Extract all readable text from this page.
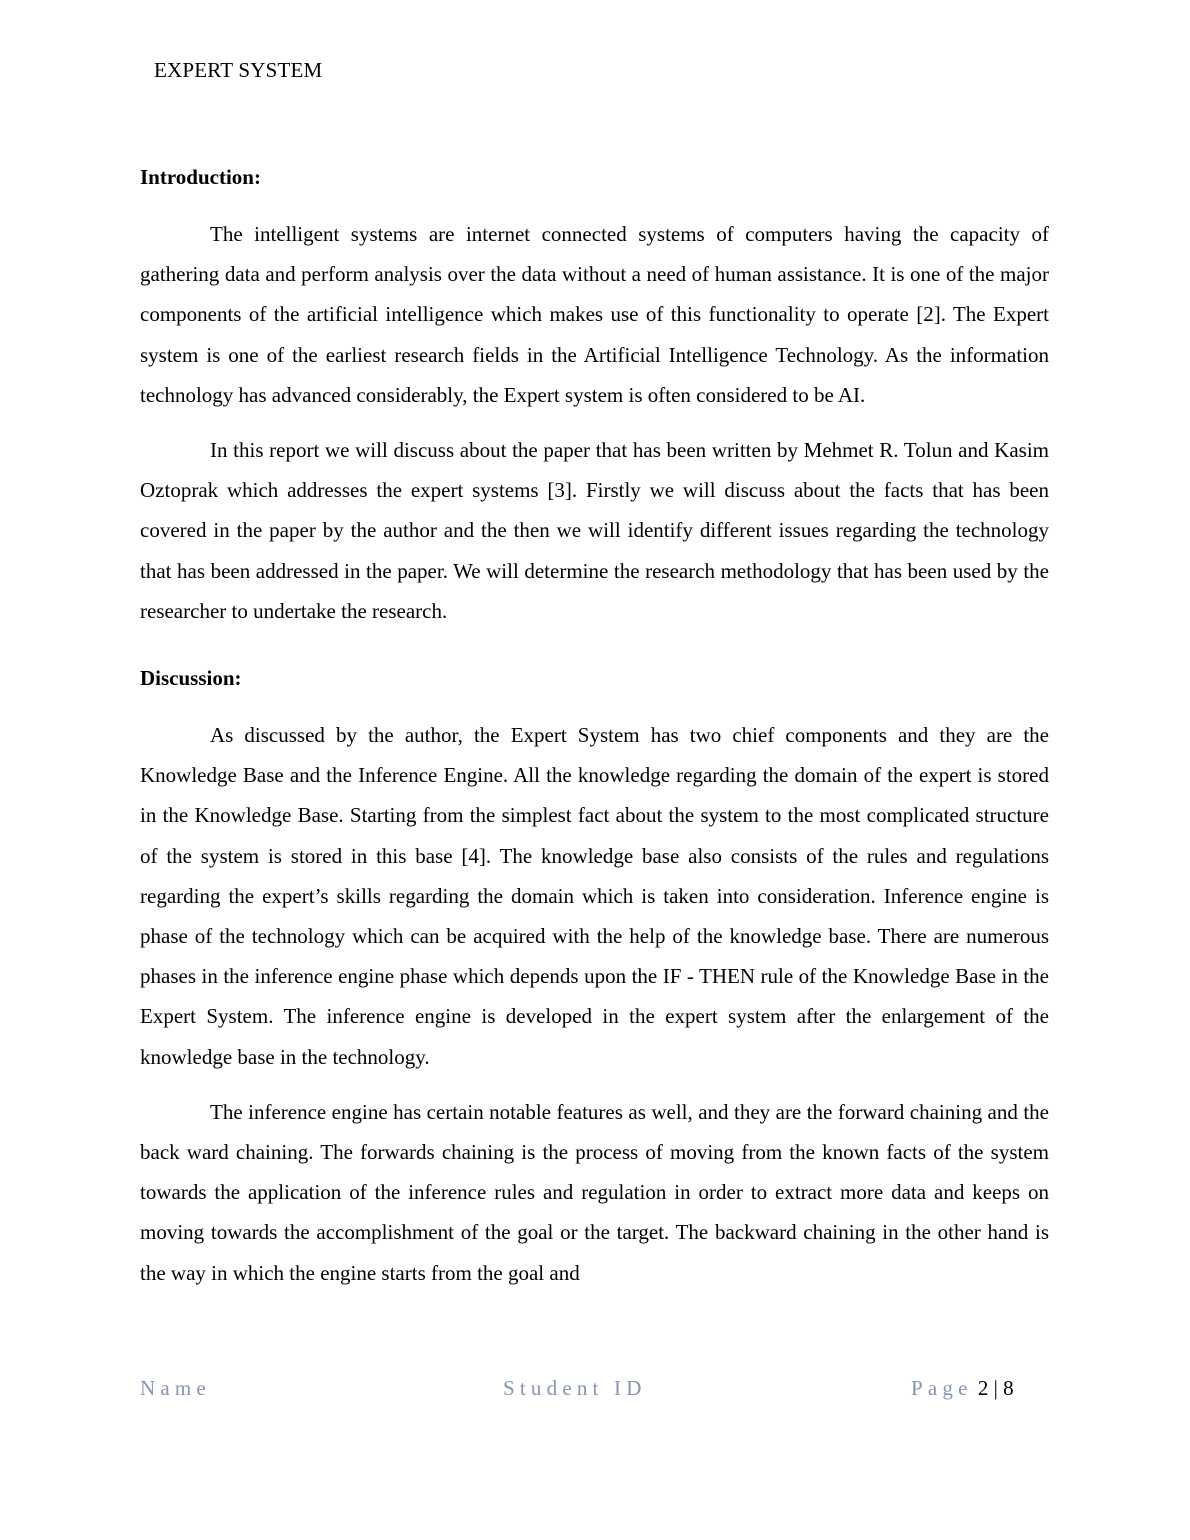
EXPERT SYSTEM
Introduction:

The intelligent systems are internet connected systems of computers having the capacity of gathering data and perform analysis over the data without a need of human assistance. It is one of the major components of the artificial intelligence which makes use of this functionality to operate [2]. The Expert system is one of the earliest research fields in the Artificial Intelligence Technology. As the information technology has advanced considerably, the Expert system is often considered to be AI.

In this report we will discuss about the paper that has been written by Mehmet R. Tolun and Kasim Oztoprak which addresses the expert systems [3]. Firstly we will discuss about the facts that has been covered in the paper by the author and the then we will identify different issues regarding the technology that has been addressed in the paper. We will determine the research methodology that has been used by the researcher to undertake the research.

Discussion:

As discussed by the author, the Expert System has two chief components and they are the Knowledge Base and the Inference Engine. All the knowledge regarding the domain of the expert is stored in the Knowledge Base. Starting from the simplest fact about the system to the most complicated structure of the system is stored in this base [4]. The knowledge base also consists of the rules and regulations regarding the expert’s skills regarding the domain which is taken into consideration. Inference engine is phase of the technology which can be acquired with the help of the knowledge base. There are numerous phases in the inference engine phase which depends upon the IF - THEN rule of the Knowledge Base in the Expert System. The inference engine is developed in the expert system after the enlargement of the knowledge base in the technology.

The inference engine has certain notable features as well, and they are the forward chaining and the back ward chaining. The forwards chaining is the process of moving from the known facts of the system towards the application of the inference rules and regulation in order to extract more data and keeps on moving towards the accomplishment of the goal or the target. The backward chaining in the other hand is the way in which the engine starts from the goal and

Name	Student ID	Page 2 | 8
